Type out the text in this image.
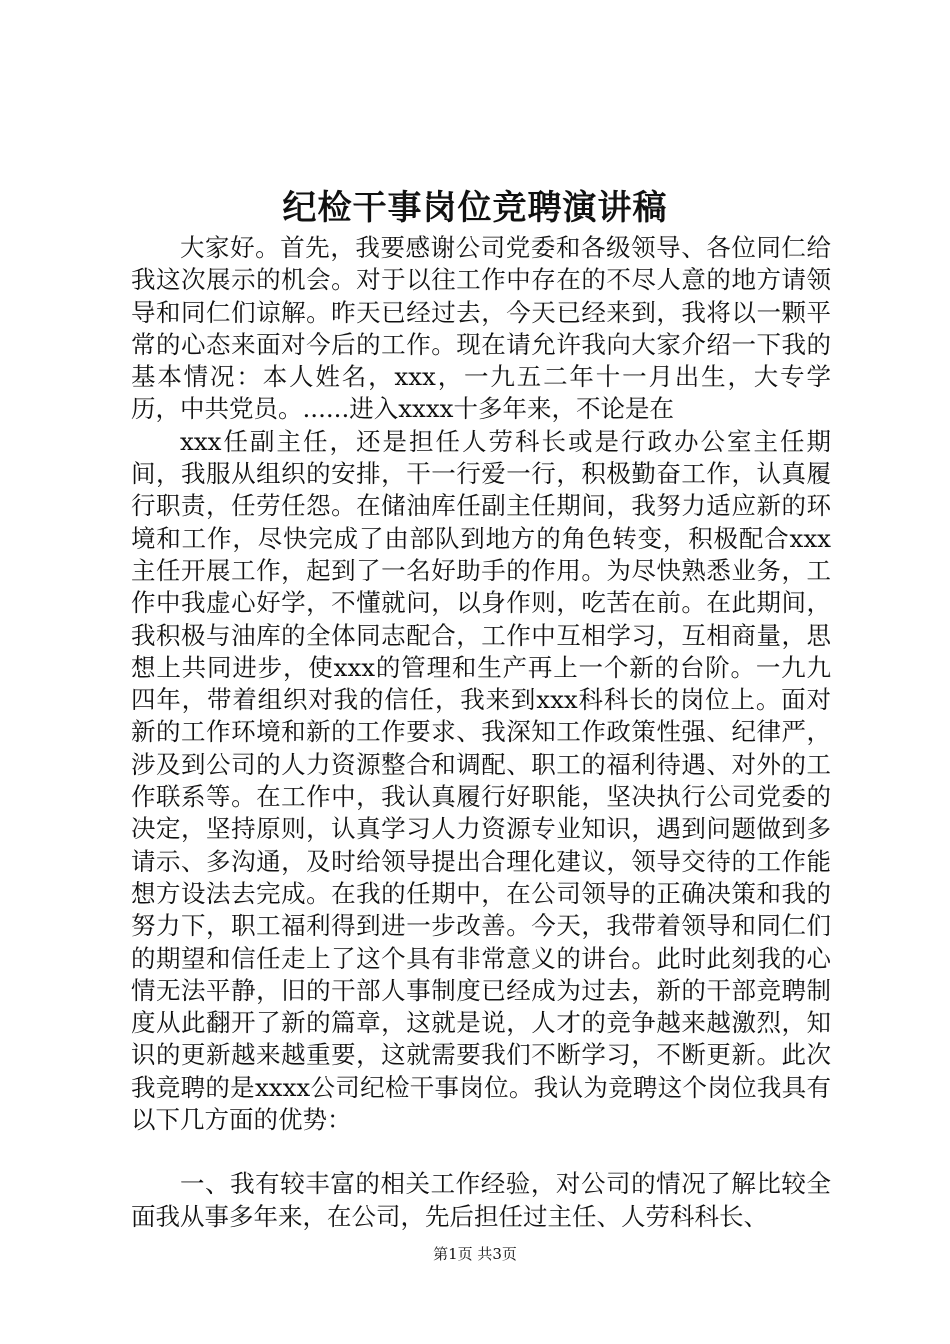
纪检干事岗位竞聘演讲稿

大家好。首先，我要感谢公司党委和各级领导、各位同仁给我这次展示的机会。对于以往工作中存在的不尽人意的地方请领导和同仁们谅解。昨天已经过去，今天已经来到，我将以一颗平常的心态来面对今后的工作。现在请允许我向大家介绍一下我的基本情况：本人姓名，xxx，一九五二年十一月出生，大专学历，中共党员。......进入xxxx十多年来，不论是在

xxx任副主任，还是担任人劳科长或是行政办公室主任期间，我服从组织的安排，干一行爱一行，积极勤奋工作，认真履行职责，任劳任怨。在储油库任副主任期间，我努力适应新的环境和工作，尽快完成了由部队到地方的角色转变，积极配合xxx主任开展工作，起到了一名好助手的作用。为尽快熟悉业务，工作中我虚心好学，不懂就问，以身作则，吃苦在前。在此期间，我积极与油库的全体同志配合，工作中互相学习，互相商量，思想上共同进步，使xxx的管理和生产再上一个新的台阶。一九九四年，带着组织对我的信任，我来到xxx科科长的岗位上。面对新的工作环境和新的工作要求、我深知工作政策性强、纪律严，涉及到公司的人力资源整合和调配、职工的福利待遇、对外的工作联系等。在工作中，我认真履行好职能，坚决执行公司党委的决定，坚持原则，认真学习人力资源专业知识，遇到问题做到多请示、多沟通，及时给领导提出合理化建议，领导交待的工作能想方设法去完成。在我的任期中，在公司领导的正确决策和我的努力下，职工福利得到进一步改善。今天，我带着领导和同仁们的期望和信任走上了这个具有非常意义的讲台。此时此刻我的心情无法平静，旧的干部人事制度已经成为过去，新的干部竞聘制度从此翻开了新的篇章，这就是说，人才的竞争越来越激烈，知识的更新越来越重要，这就需要我们不断学习，不断更新。此次我竞聘的是xxxx公司纪检干事岗位。我认为竞聘这个岗位我具有以下几方面的优势：

一、我有较丰富的相关工作经验，对公司的情况了解比较全面我从事多年来，在公司，先后担任过主任、人劳科科长、

第1页 共3页
